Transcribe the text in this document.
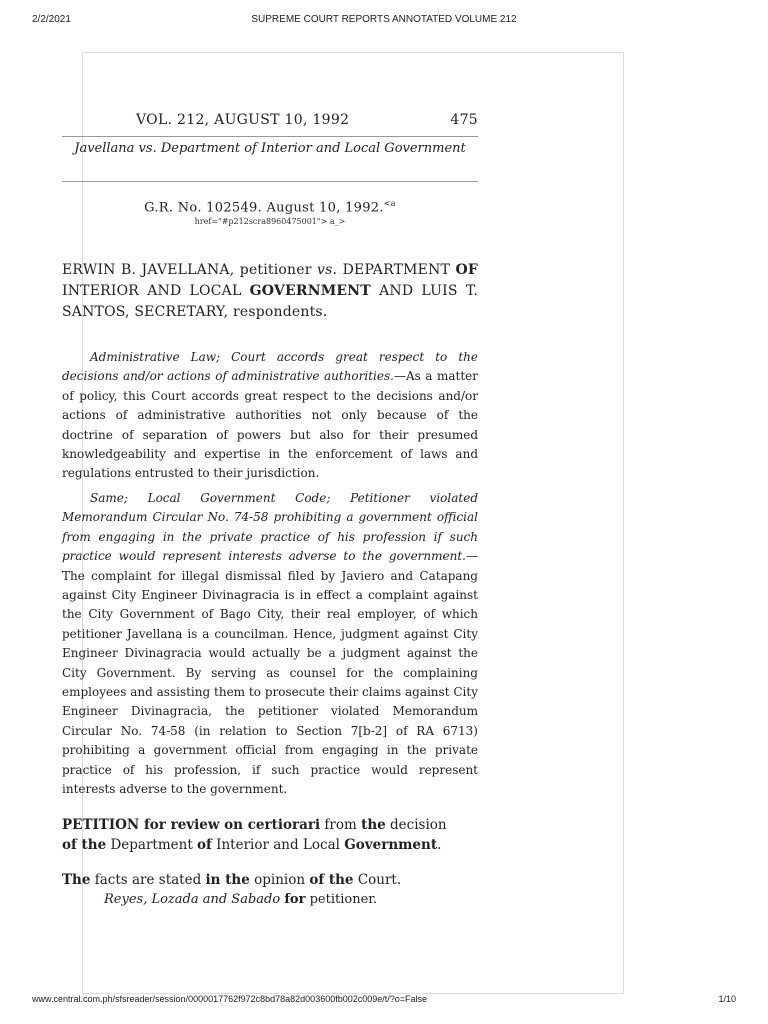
2/2/2021	SUPREME COURT REPORTS ANNOTATED VOLUME 212
VOL. 212, AUGUST 10, 1992	475
Javellana vs. Department of Interior and Local Government
G.R. No. 102549. August 10, 1992.$^{<a}$
href="#p212scra8960475001"> a_>
ERWIN B. JAVELLANA, petitioner vs. DEPARTMENT OF INTERIOR AND LOCAL GOVERNMENT AND LUIS T. SANTOS, SECRETARY, respondents.

Administrative Law; Court accords great respect to the decisions and/or actions of administrative authorities.—As a matter of policy, this Court accords great respect to the decisions and/or actions of administrative authorities not only because of the doctrine of separation of powers but also for their presumed knowledgeability and expertise in the enforcement of laws and regulations entrusted to their jurisdiction.

Same; Local Government Code; Petitioner violated Memorandum Circular No. 74-58 prohibiting a government official from engaging in the private practice of his profession if such practice would represent interests adverse to the government.—The complaint for illegal dismissal filed by Javiero and Catapang against City Engineer Divinagracia is in effect a complaint against the City Government of Bago City, their real employer, of which petitioner Javellana is a councilman. Hence, judgment against City Engineer Divinagracia would actually be a judgment against the City Government. By serving as counsel for the complaining employees and assisting them to prosecute their claims against City Engineer Divinagracia, the petitioner violated Memorandum Circular No. 74-58 (in relation to Section 7[b-2] of RA 6713) prohibiting a government official from engaging in the private practice of his profession, if such practice would represent interests adverse to the government.

PETITION for review on certiorari from the decision
of the Department of Interior and Local Government.
The facts are stated in the opinion of the Court.
Reyes, Lozada and Sabado for petitioner.
www.central.com.ph/sfsreader/session/0000017762f972c8bd78a82d003600fb002c009e/t/?o=False	1/10
